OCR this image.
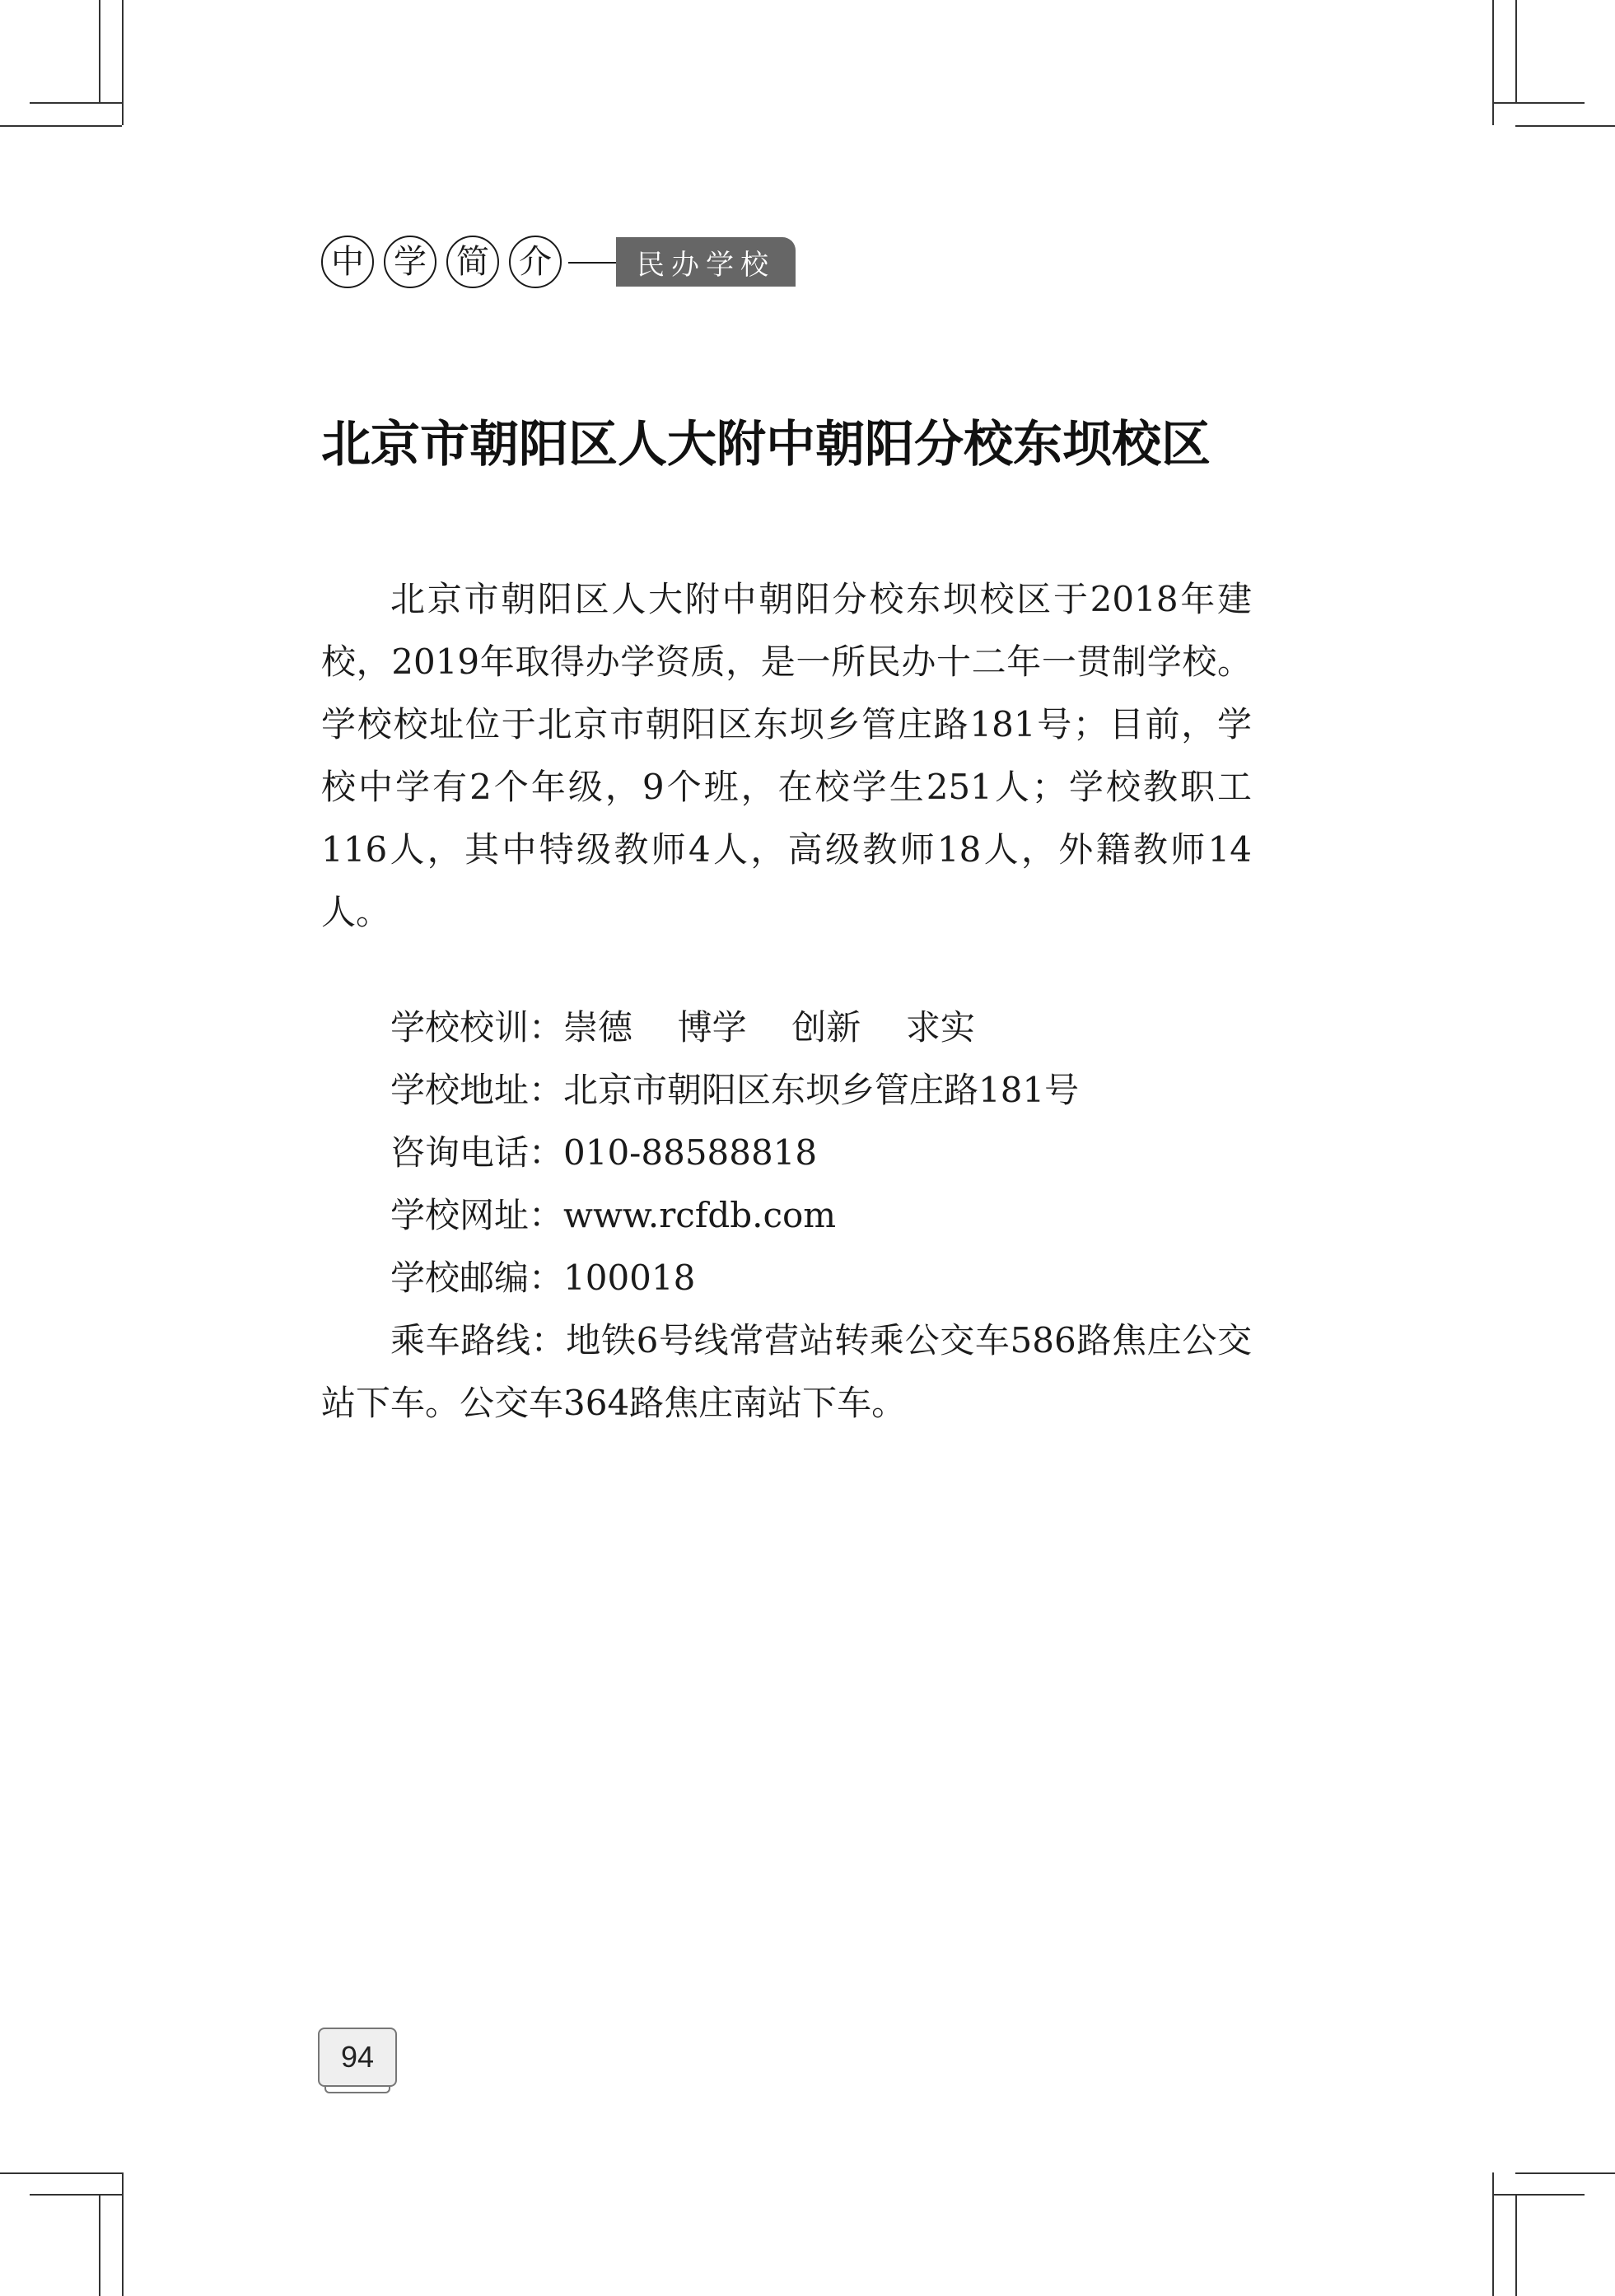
中 学 简 介	民办学校
北京市朝阳区人大附中朝阳分校东坝校区
北京市朝阳区人大附中朝阳分校东坝校区于2018年建校，2019年取得办学资质，是一所民办十二年一贯制学校。学校校址位于北京市朝阳区东坝乡管庄路181号；目前，学校中学有2个年级，9个班，在校学生251人；学校教职工116人，其中特级教师4人，高级教师18人，外籍教师14人。
学校校训：崇德 博学 创新 求实
学校地址：北京市朝阳区东坝乡管庄路181号
咨询电话：010-88588818
学校网址：www.rcfdb.com
学校邮编：100018
乘车路线：地铁6号线常营站转乘公交车586路焦庄公交站下车。公交车364路焦庄南站下车。
94
